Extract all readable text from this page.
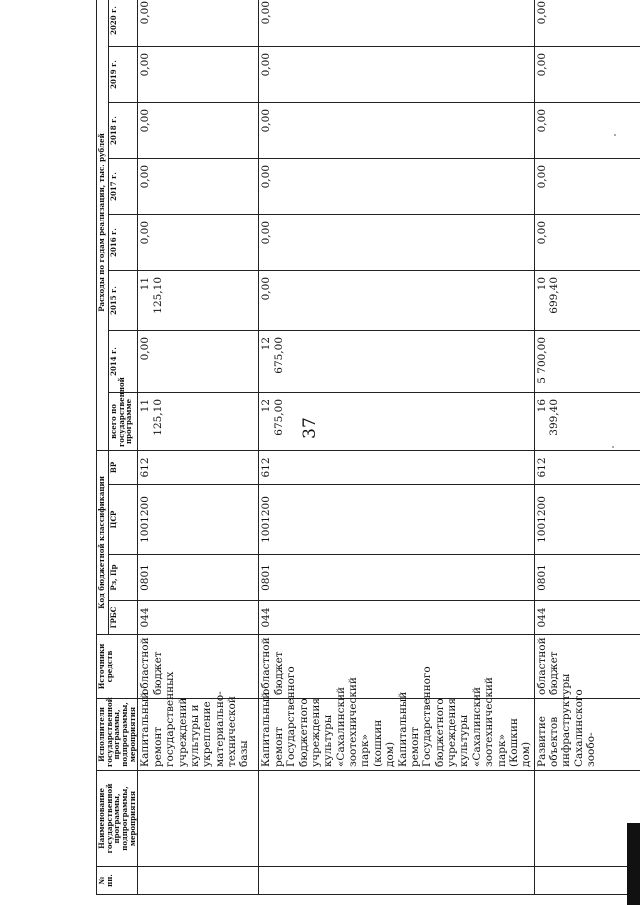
37
№ пп.	Наименование государственной программы, подпрограммы, мероприятия	Исполнители государственной программы, подпрограммы, мероприятия	Источники средств	Код бюджетной классификации				Расходы по годам реализации, тыс. рублей							
				ГРБС	Рз, Пр	ЦСР	ВР	всего по государственной программе	2014 г.	2015 г.	2016 г.	2017 г.	2018 г.	2019 г.	2020 г.
		Капитальный ремонт государственных учреждений культуры и укрепление материально-технической базы	областной бюджет	044	0801	1001200	612	11 125,10	0,00	11 125,10	0,00	0,00	0,00	0,00	0,00
		Капитальный ремонт Государственного бюджетного учреждения культуры «Сахалинский зоотехнический парк» (кошкин дом) Капитальный ремонт Государственного бюджетного учреждения культуры «Сахалинский зоотехнический парк» (Кошкин дом)	областной бюджет	044	0801	1001200	612	12 675,00	12 675,00	0,00	0,00	0,00	0,00	0,00	0,00
		Развитие объектов инфраструктуры Сахалинского зообо-	областной бюджет	044	0801	1001200	612	16 399,40	5 700,00	10 699,40	0,00	0,00	0,00	0,00	0,00
